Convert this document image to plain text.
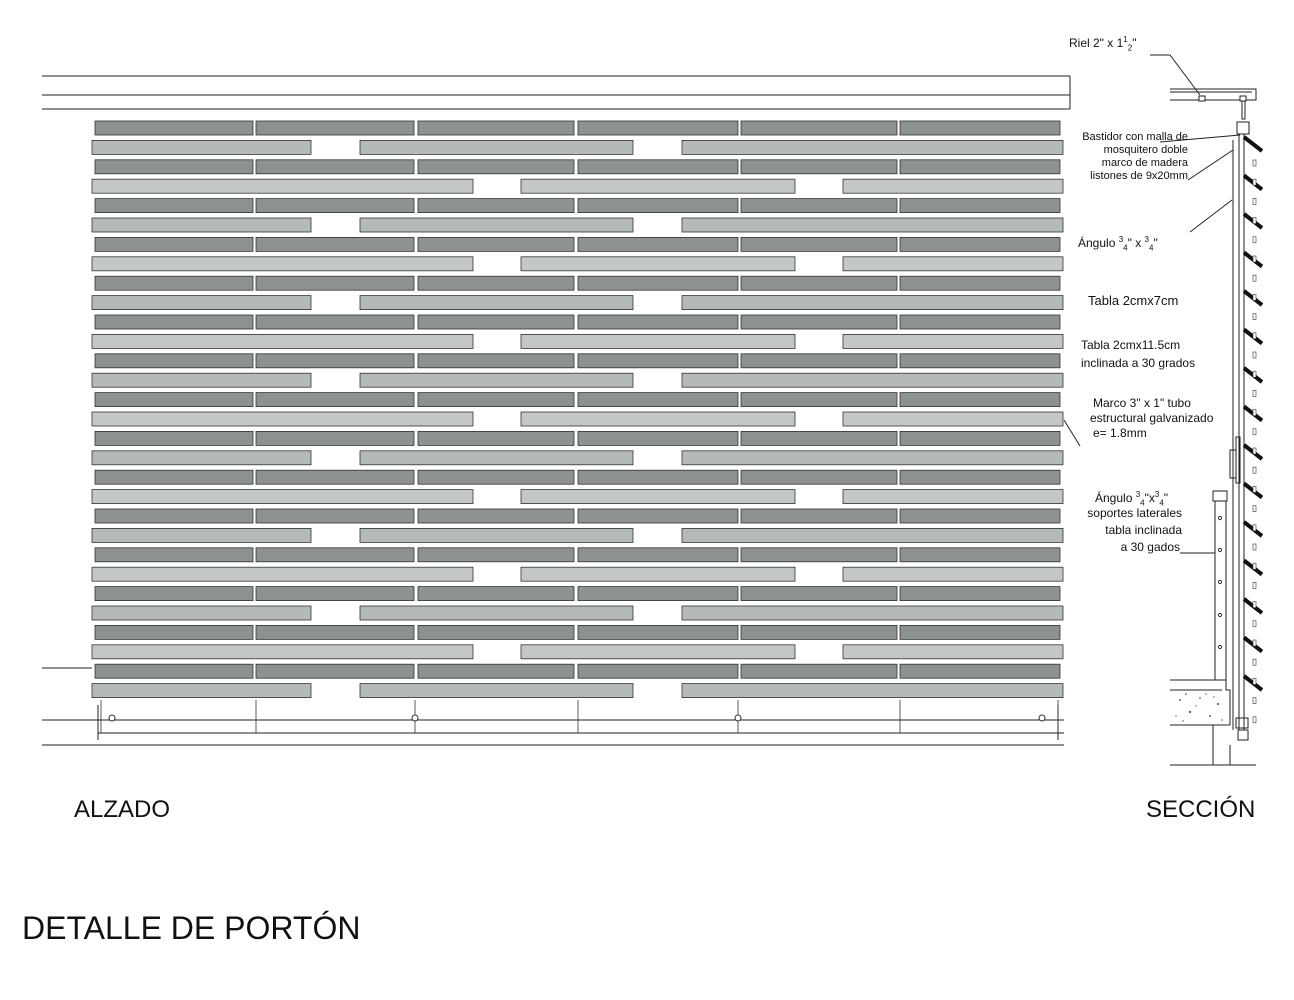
Riel 2" x $1^1_2$"
Bastidor con malla de
mosquitero doble
marco de madera
listones de 9x20mm
Ángulo $^3_4$" x $^3_4$"
Tabla 2cmx7cm
Tabla 2cmx11.5cm
inclinada a 30 grados
Marco 3" x 1" tubo
estructural galvanizado
e= 1.8mm
Ángulo $^3_4"x^3_4$"
soportes laterales
tabla inclinada
a 30 gados
ALZADO	SECCIÓN
DETALLE DE PORTÓN
